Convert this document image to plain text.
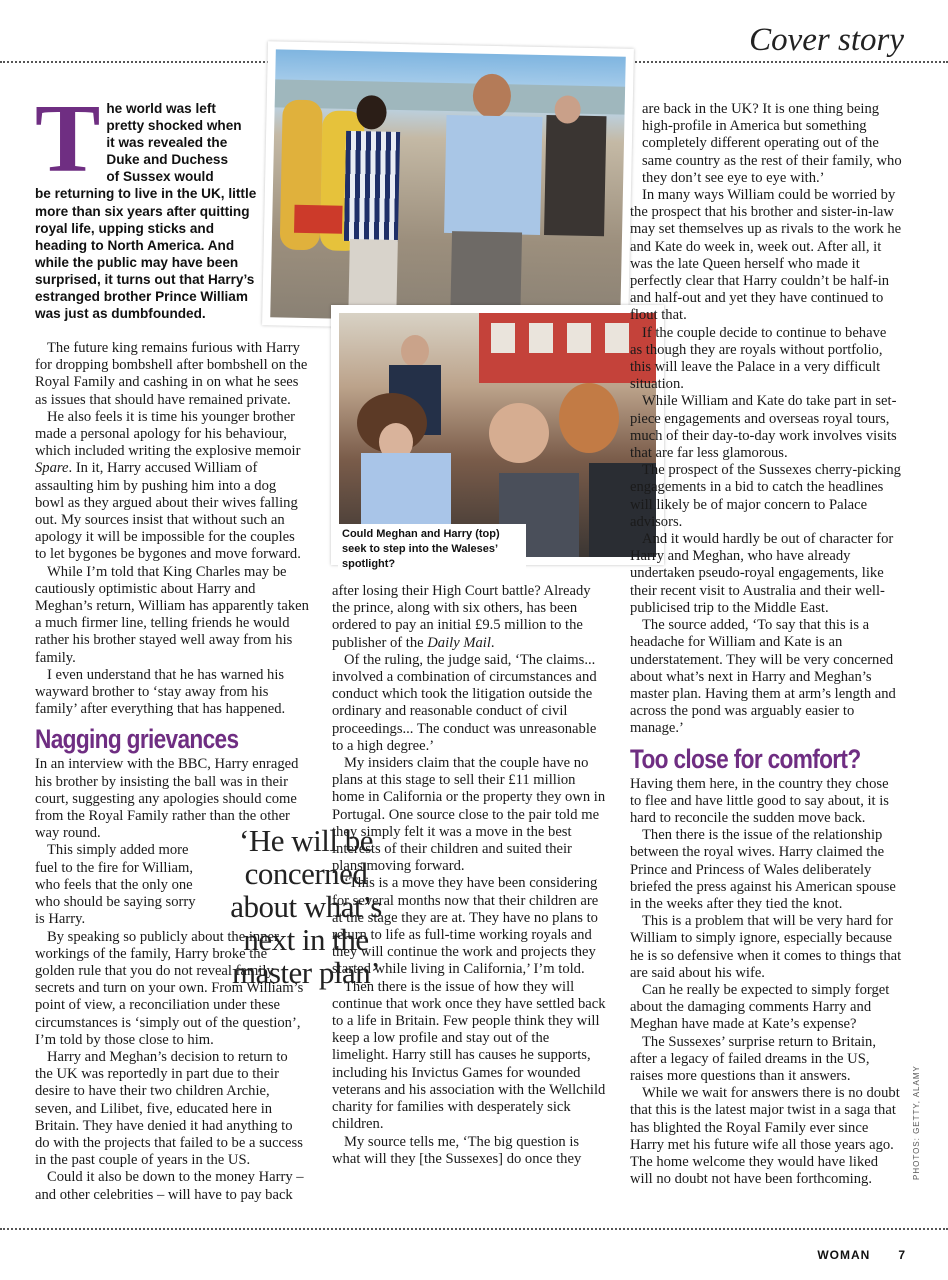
Cover story
T he world was left
pretty shocked when
it was revealed the
Duke and Duchess
of Sussex would
be returning to live in the UK, little more than six years after quitting royal life, upping sticks and heading to North America. And while the public may have been surprised, it turns out that Harry’s estranged brother Prince William was just as dumbfounded.

The future king remains furious with Harry for dropping bombshell after bombshell on the Royal Family and cashing in on what he sees as issues that should have remained private.

He also feels it is time his younger brother made a personal apology for his behaviour, which included writing the explosive memoir Spare. In it, Harry accused William of assaulting him by pushing him into a dog bowl as they argued about their wives falling out. My sources insist that without such an apology it will be impossible for the couples to let bygones be bygones and move forward.

While I’m told that King Charles may be cautiously optimistic about Harry and Meghan’s return, William has apparently taken a much firmer line, telling friends he would rather his brother stayed well away from his family.

I even understand that he has warned his wayward brother to ‘stay away from his family’ after everything that has happened.

Nagging grievances

In an interview with the BBC, Harry enraged his brother by insisting the ball was in their court, suggesting any apologies should come from the Royal Family rather than the other way round.

This simply added more fuel to the fire for William, who feels that the only one who should be saying sorry is Harry.

By speaking so publicly about the inner workings of the family, Harry broke the golden rule that you do not reveal family secrets and turn on your own. From William’s point of view, a reconciliation under these circumstances is ‘simply out of the question’, I’m told by those close to him.

Harry and Meghan’s decision to return to the UK was reportedly in part due to their desire to have their two children Archie, seven, and Lilibet, five, educated here in Britain. They have denied it had anything to do with the projects that failed to be a success in the past couple of years in the US.

Could it also be down to the money Harry – and other celebrities – will have to pay back

Could Meghan and Harry (top) seek to step into the Waleses’ spotlight?

after losing their High Court battle? Already the prince, along with six others, has been ordered to pay an initial £9.5 million to the publisher of the Daily Mail.

Of the ruling, the judge said, ‘The claims... involved a combination of circumstances and conduct which took the litigation outside the ordinary and reasonable conduct of civil proceedings... The conduct was unreasonable to a high degree.’

My insiders claim that the couple have no plans at this stage to sell their £11 million home in California or the property they own in Portugal. One source close to the pair told me they simply felt it was a move in the best interests of their children and suited their plans moving forward.

‘This is a move they have been considering for several months now that their children are at the stage they are at. They have no plans to return to life as full-time working royals and they will continue the work and projects they started while living in California,’ I’m told.

Then there is the issue of how they will continue that work once they have settled back to a life in Britain. Few people think they will keep a low profile and stay out of the limelight. Harry still has causes he supports, including his Invictus Games for wounded veterans and his association with the Wellchild charity for families with desperately sick children.

My source tells me, ‘The big question is what will they [the Sussexes] do once they

‘He will be concerned about what’s next in the master plan’

are back in the UK? It is one thing being high-profile in America but something completely different operating out of the same country as the rest of their family, who they don’t see eye to eye with.’

In many ways William could be worried by the prospect that his brother and sister-in-law may set themselves up as rivals to the work he and Kate do week in, week out. After all, it was the late Queen herself who made it perfectly clear that Harry couldn’t be half-in and half-out and yet they have continued to flout that.

If the couple decide to continue to behave as though they are royals without portfolio, this will leave the Palace in a very difficult situation.

While William and Kate do take part in set-piece engagements and overseas royal tours, much of their day-to-day work involves visits that are far less glamorous.

The prospect of the Sussexes cherry-picking engagements in a bid to catch the headlines will likely be of major concern to Palace advisors.

And it would hardly be out of character for Harry and Meghan, who have already undertaken pseudo-royal engagements, like their recent visit to Australia and their well-publicised trip to the Middle East.

The source added, ‘To say that this is a headache for William and Kate is an understatement. They will be very concerned about what’s next in Harry and Meghan’s master plan. Having them at arm’s length and across the pond was arguably easier to manage.’

Too close for comfort?

Having them here, in the country they chose to flee and have little good to say about, it is hard to reconcile the sudden move back.

Then there is the issue of the relationship between the royal wives. Harry claimed the Prince and Princess of Wales deliberately briefed the press against his American spouse in the weeks after they tied the knot.

This is a problem that will be very hard for William to simply ignore, especially because he is so defensive when it comes to things that are said about his wife.

Can he really be expected to simply forget about the damaging comments Harry and Meghan have made at Kate’s expense?

The Sussexes’ surprise return to Britain, after a legacy of failed dreams in the US, raises more questions than it answers.

While we wait for answers there is no doubt that this is the latest major twist in a saga that has blighted the Royal Family ever since Harry met his future wife all those years ago. The home welcome they would have liked will no doubt not have been forthcoming.	PHOTOS: GETTY, ALAMY
WOMAN 7
